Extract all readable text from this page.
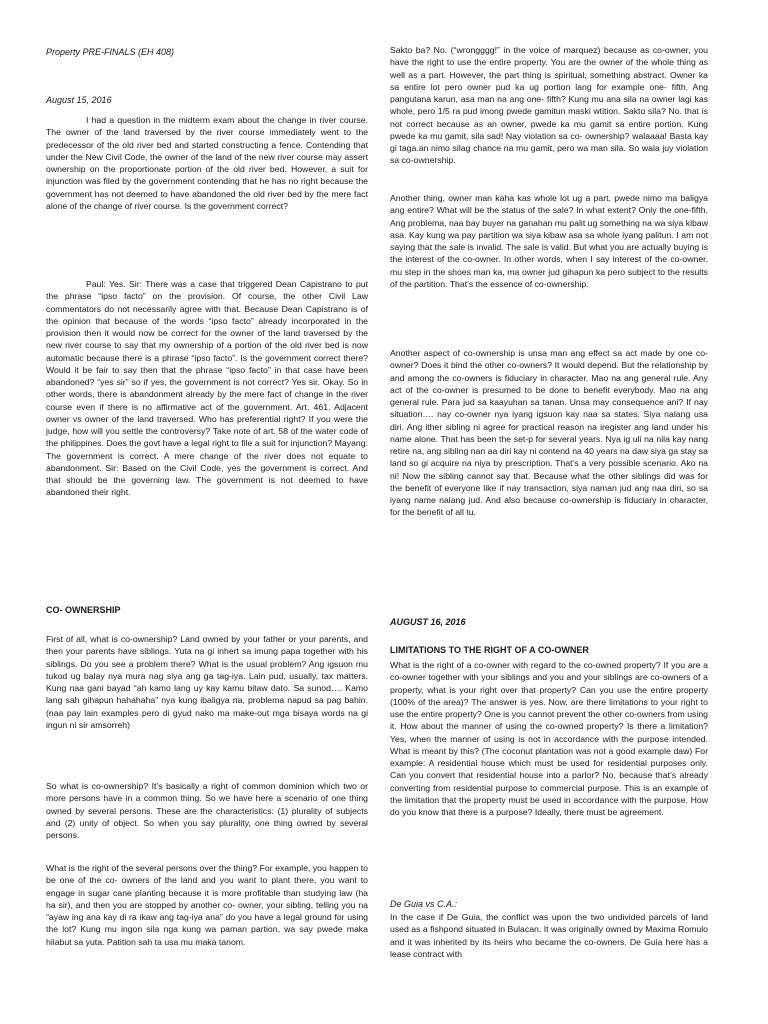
Property PRE-FINALS (EH 408)
August 15, 2016

I had a question in the midterm exam about the change in river course. The owner of the land traversed by the river course immediately went to the predecessor of the old river bed and started constructing a fence. Contending that under the New Civil Code, the owner of the land of the new river course may assert ownership on the proportionate portion of the old river bed. However, a suit for injunction was filed by the government contending that he has no right because the government has not deemed to have abandoned the old river bed by the mere fact alone of the change of river course. Is the government correct?

Paul: Yes. Sir: There was a case that triggered Dean Capistrano to put the phrase “ipso facto” on the provision. Of course, the other Civil Law commentators do not necessarily agree with that. Because Dean Capistrano is of the opinion that because of the words “ipso facto” already incorporated in the provision then it would now be correct for the owner of the land traversed by the new river course to say that my ownership of a portion of the old river bed is now automatic because there is a phrase “ipso facto”. Is the government correct there? Would it be fair to say then that the phrase “ipso facto” in that case have been abandoned? “yes sir” so if yes, the government is not correct? Yes sir. Okay. So in other words, there is abandonment already by the mere fact of change in the river course even if there is no affirmative act of the government. Art. 461. Adjacent owner vs owner of the land traversed. Who has preferential right? If you were the judge, how will you settle the controversy? Take note of art. 58 of the water code of the philippines. Does the govt have a legal right to file a suit for injunction? Mayang: The government is correct. A mere change of the river does not equate to abandonment. Sir: Based on the Civil Code, yes the government is correct. And that should be the governing law. The government is not deemed to have abandoned their right.

CO- OWNERSHIP

First of all, what is co-ownership? Land owned by your father or your parents, and then your parents have siblings. Yuta na gi inhert sa imung papa together with his siblings. Do you see a problem there? What is the usual problem? Ang igsuon mu tukod ug balay nya mura nag siya ang ga tag-iya. Lain pud, usually, tax matters. Kung naa gani bayad “ah kamo lang uy kay kamu bitaw dato. Sa sunod…. Kamo lang sah gihapun hahahaha” nya kung ibaligya na, problema napud sa pag bahin. (naa pay lain examples pero di gyud nako ma make-out mga bisaya words na gi ingun ni sir amsorreh)

So what is co-ownership? It’s basically a right of common dominion which two or more persons have in a common thing. So we have here a scenario of one thing owned by several persons. These are the characteristics: (1) plurality of subjects and (2) unity of object. So when you say plurality, one thing owned by several persons.

What is the right of the several persons over the thing? For example, you happen to be one of the co- owners of the land and you want to plant there, you want to engage in sugar cane planting because it is more profitable than studying law (ha ha sir), and then you are stopped by another co- owner, your sibling, telling you na “ayaw ing ana kay di ra ikaw ang tag-iya ana” do you have a legal ground for using the lot? Kung mu ingon sila nga kung wa paman partion, wa say pwede maka hilabut sa yuta. Patition sah ta usa mu maka tanom.

Sakto ba? No. (“wrongggg!” in the voice of marquez) because as co-owner, you have the right to use the entire property. You are the owner of the whole thing as well as a part. However, the part thing is spiritual, something abstract. Owner ka sa entire lot pero owner pud ka ug portion lang for example one- fifth. Ang pangutana karun, asa man na ang one- fifth? Kung mu ana sila na owner lagi kas whole, pero 1/5 ra pud imong pwede gamitun maski wtition. Sakto sila? No. that is not correct because as an owner, pwede ka mu gamit sa entire portion. Kung pwede ka mu gamit, sila sad! Nay violation sa co- ownership? walaaaa! Basta kay gi taga.an nimo silag chance na mu gamit, pero wa man sila. So wala juy violation sa co-ownership.

Another thing, owner man kaha kas whole lot ug a part, pwede nimo ma baligya ang entire? What will be the status of the sale? In what extent? Only the one-fifth. Ang problema, naa bay buyer na ganahan mu palit ug something na wa siya kibaw asa. Kay kung wa pay partition wa siya kibaw asa sa whole iyang palitun. I am not saying that the sale is invalid. The sale is valid. But what you are actually buying is the interest of the co-owner. In other words, when I say interest of the co-owner, mu step in the shoes man ka, ma owner jud gihapun ka pero subject to the results of the partition. That’s the essence of co-ownership.

Another aspect of co-ownership is unsa man ang effect sa act made by one co-owner? Does it bind the other co-owners? It would depend. But the relationship by and among the co-owners is fiduciary in character. Mao na ang general rule. Any act of the co-owner is presumed to be done to benefit everybody. Mao na ang general rule. Para jud sa kaayuhan sa tanan. Unsa may consequence ani? If nay situation…. nay co-owner nya iyang igsuon kay naa sa states. Siya nalang usa diri. Ang ither sibling ni agree for practical reason na iregister ang land under his name alone. That has been the set-p for several years. Nya ig uli na nila kay nang retire na, ang sibling nan aa diri kay ni contend na 40 years na daw siya ga stay sa land so gi acquire na niya by prescription. That’s a very possible scenario. Ako na ni! Now the sibling cannot say that. Because what the other siblings did was for the benefit of everyone like if nay transaction, siya naman jud ang naa diri, so sa iyang name nalang jud. And also because co-ownership is fiduciary in character, for the benefit of all tu.

AUGUST 16, 2016
LIMITATIONS TO THE RIGHT OF A CO-OWNER

What is the right of a co-owner with regard to the co-owned property? If you are a co-owner together with your siblings and you and your siblings are co-owners of a property, what is your right over that property? Can you use the entire property (100% of the area)? The answer is yes. Now, are there limitations to your right to use the entire property? One is you cannot prevent the other co-owners from using it. How about the manner of using the co-owned property? Is there a limitation? Yes, when the manner of using is not in accordance with the purpose intended. What is meant by this? (The coconut plantation was not a good example daw) For example: A residential house which must be used for residential purposes only. Can you convert that residential house into a parlor? No, because that’s already converting from residential purpose to commercial purpose. This is an example of the limitation that the property must be used in accordance with the purpose. How do you know that there is a purpose? Ideally, there must be agreement.

De Guia vs C.A.:

In the case if De Guia, the conflict was upon the two undivided parcels of land used as a fishpond situated in Bulacan. It was originally owned by Maxima Romulo and it was inherited by its heirs who became the co-owners. De Guia here has a lease contract with
